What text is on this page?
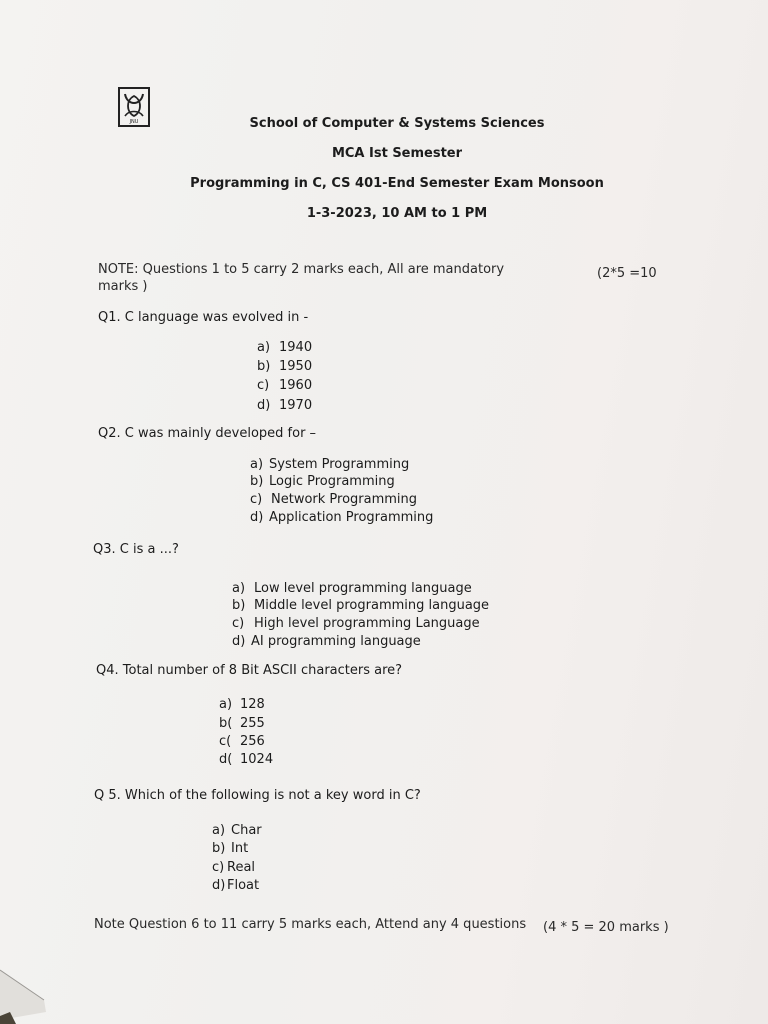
JNU	School of Computer & Systems Sciences
MCA Ist Semester
Programming in C, CS 401-End Semester Exam Monsoon
1-3-2023, 10 AM to 1 PM
NOTE: Questions 1 to 5 carry 2 marks each, All are mandatory	(2*5 =10
marks )
Q1. C language was evolved in -
a) 1940
b) 1950
c) 1960
d) 1970
Q2. C was mainly developed for –
a) System Programming
b) Logic Programming
c) Network Programming
d) Application Programming
Q3. C is a ...?
a) Low level programming language
b) Middle level programming language
c) High level programming Language
d) AI programming language
Q4. Total number of 8 Bit ASCII characters are?
a) 128
b( 255
c( 256
d( 1024
Q 5. Which of the following is not a key word in C?
a) Char
b) Int
c) Real
d) Float
Note Question 6 to 11 carry 5 marks each, Attend any 4 questions (4 * 5 = 20 marks )
